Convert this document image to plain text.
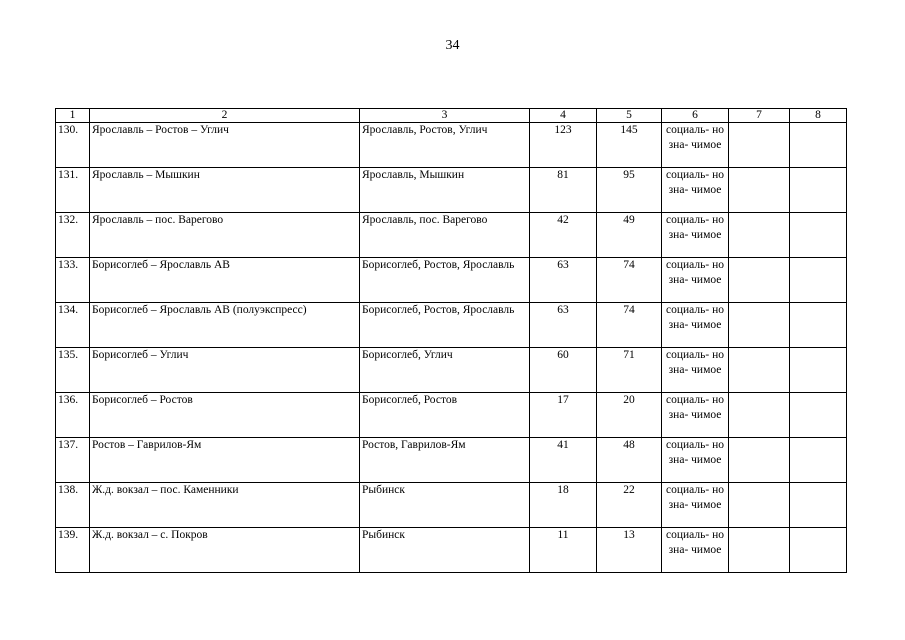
34
1	2	3	4	5	6	7	8
130.	Ярославль – Ростов – Углич	Ярославль, Ростов, Углич	123	145	социаль- но зна- чимое		
131.	Ярославль – Мышкин	Ярославль, Мышкин	81	95	социаль- но зна- чимое		
132.	Ярославль – пос. Варегово	Ярославль, пос. Варегово	42	49	социаль- но зна- чимое		
133.	Борисоглеб – Ярославль АВ	Борисоглеб, Ростов, Ярославль	63	74	социаль- но зна- чимое		
134.	Борисоглеб – Ярославль АВ (полуэкспресс)	Борисоглеб, Ростов, Ярославль	63	74	социаль- но зна- чимое		
135.	Борисоглеб – Углич	Борисоглеб, Углич	60	71	социаль- но зна- чимое		
136.	Борисоглеб – Ростов	Борисоглеб, Ростов	17	20	социаль- но зна- чимое		
137.	Ростов – Гаврилов-Ям	Ростов, Гаврилов-Ям	41	48	социаль- но зна- чимое		
138.	Ж.д. вокзал – пос. Каменники	Рыбинск	18	22	социаль- но зна- чимое		
139.	Ж.д. вокзал – с. Покров	Рыбинск	11	13	социаль- но зна- чимое		
